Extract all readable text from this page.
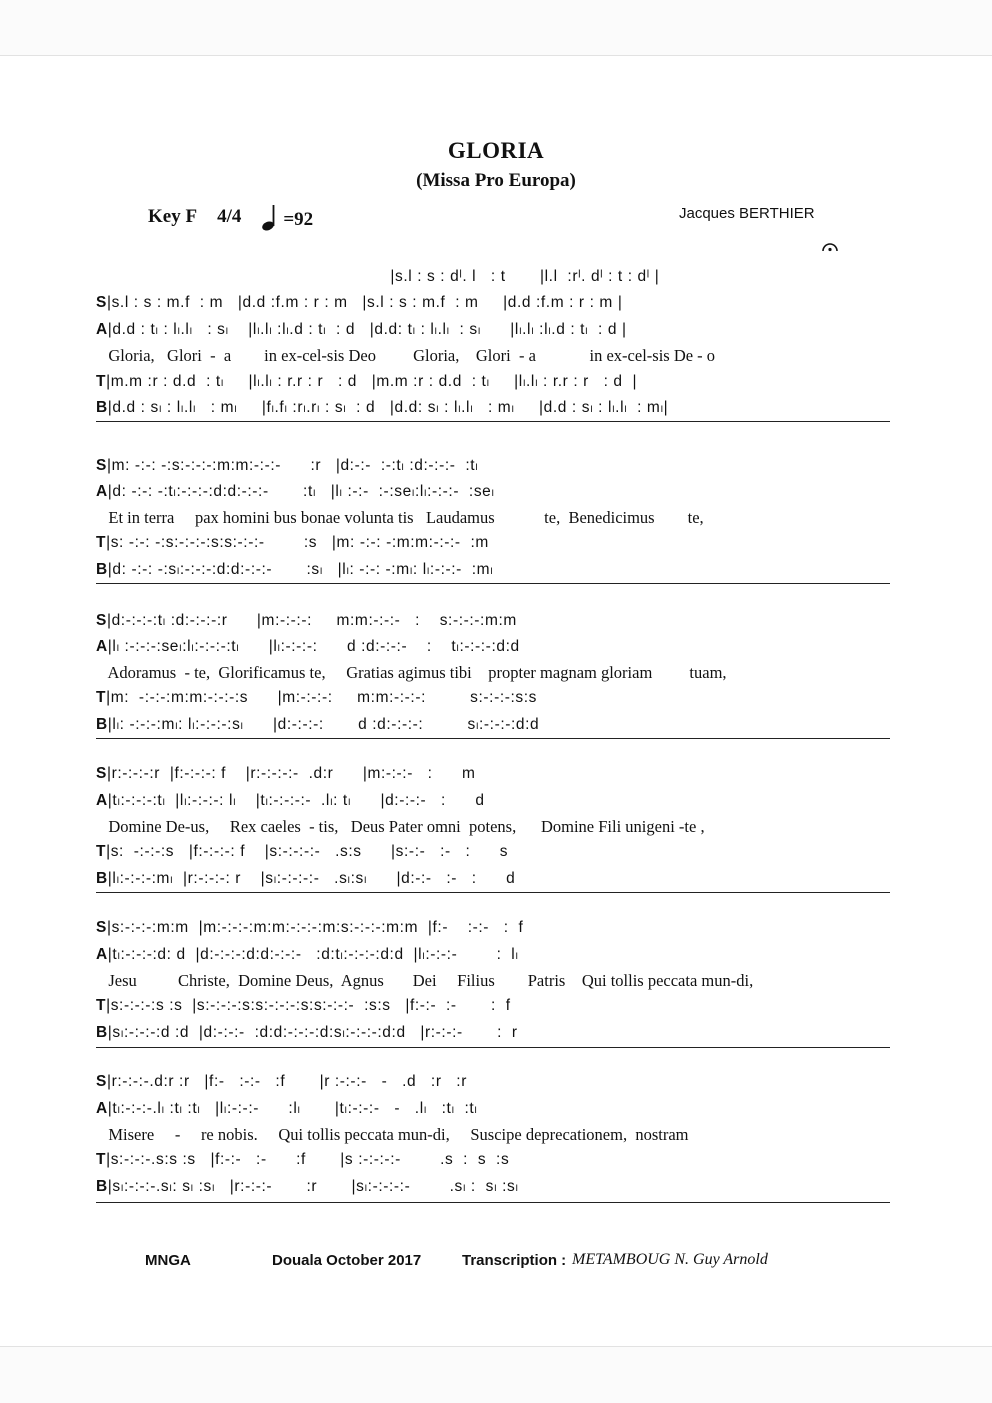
GLORIA
(Missa Pro Europa)
Key F 4/4 =92	Jacques BERTHIER
|s.l : s : dˡ. l   : t       |l.l  :rˡ. dˡ : t : dˡ |
S|s.l : s : m.f  : m   |d.d :f.m : r : m   |s.l : s : m.f  : m     |d.d :f.m : r : m |
A|d.d : tₗ : lₗ.lₗ   : sₗ    |lₗ.lₗ :lₗ.d : tₗ  : d   |d.d: tₗ : lₗ.lₗ  : sₗ      |lₗ.lₗ :lₗ.d : tₗ  : d |
Gloria,   Glori  -  a        in ex-cel-sis Deo         Gloria,    Glori  - a             in ex-cel-sis De - o
T|m.m :r : d.d  : tₗ     |lₗ.lₗ : r.r : r   : d   |m.m :r : d.d  : tₗ     |lₗ.lₗ : r.r : r   : d  |
B|d.d : sₗ : lₗ.lₗ   : mₗ     |fₗ.fₗ :rₗ.rₗ : sₗ  : d   |d.d: sₗ : lₗ.lₗ   : mₗ     |d.d : sₗ : lₗ.lₗ  : mₗ|
S|m: -:-: -:s:-:-:-:m:m:-:-:-      :r   |d:-:-  :-:tₗ :d:-:-:-  :tₗ
A|d: -:-: -:tₗ:-:-:-:d:d:-:-:-       :tₗ   |lₗ :-:-  :-:seₗ:lₗ:-:-:-  :seₗ
Et in terra     pax homini bus bonae volunta tis   Laudamus            te,  Benedicimus        te,
T|s: -:-: -:s:-:-:-:s:s:-:-:-        :s   |m: -:-: -:m:m:-:-:-  :m
B|d: -:-: -:sₗ:-:-:-:d:d:-:-:-       :sₗ   |lₗ: -:-: -:mₗ: lₗ:-:-:-  :mₗ
S|d:-:-:-:tₗ :d:-:-:-:r      |m:-:-:-:     m:m:-:-:-   :    s:-:-:-:m:m
A|lₗ :-:-:-:seₗ:lₗ:-:-:-:tₗ      |lₗ:-:-:-:      d :d:-:-:-    :    tₗ:-:-:-:d:d
Adoramus  - te,  Glorificamus te,     Gratias agimus tibi    propter magnam gloriam         tuam,
T|m:  -:-:-:m:m:-:-:-:s      |m:-:-:-:     m:m:-:-:-:         s:-:-:-:s:s
B|lₗ: -:-:-:mₗ: lₗ:-:-:-:sₗ      |d:-:-:-:       d :d:-:-:-:         sₗ:-:-:-:d:d
S|r:-:-:-:r  |f:-:-:-: f    |r:-:-:-:-  .d:r      |m:-:-:-   :      m
A|tₗ:-:-:-:tₗ  |lₗ:-:-:-: lₗ    |tₗ:-:-:-:-  .lₗ: tₗ      |d:-:-:-   :      d
Domine De-us,     Rex caeles  - tis,   Deus Pater omni  potens,      Domine Fili unigeni -te ,
T|s:  -:-:-:s   |f:-:-:-: f    |s:-:-:-:-   .s:s      |s:-:-   :-   :      s
B|lₗ:-:-:-:mₗ  |r:-:-:-: r    |sₗ:-:-:-:-   .sₗ:sₗ      |d:-:-   :-   :      d
S|s:-:-:-:m:m  |m:-:-:-:m:m:-:-:-:m:s:-:-:-:m:m  |f:-    :-:-   :  f
A|tₗ:-:-:-:d: d  |d:-:-:-:d:d:-:-:-   :d:tₗ:-:-:-:d:d  |lₗ:-:-:-        :  lₗ
Jesu          Christe,  Domine Deus,  Agnus       Dei     Filius        Patris    Qui tollis peccata mun-di,
T|s:-:-:-:s :s  |s:-:-:-:s:s:-:-:-:s:s:-:-:-  :s:s   |f:-:-  :-       :  f
B|sₗ:-:-:-:d :d  |d:-:-:-  :d:d:-:-:-:d:sₗ:-:-:-:d:d   |r:-:-:-       :  r
S|r:-:-:-.d:r :r   |f:-   :-:-   :f       |r :-:-:-   -   .d   :r   :r
A|tₗ:-:-:-.lₗ :tₗ :tₗ   |lₗ:-:-:-      :lₗ       |tₗ:-:-:-   -   .lₗ   :tₗ  :tₗ
Misere     -     re nobis.     Qui tollis peccata mun-di,     Suscipe deprecationem,  nostram
T|s:-:-:-.s:s :s   |f:-:-   :-      :f       |s :-:-:-:-        .s  :  s  :s
B|sₗ:-:-:-.sₗ: sₗ :sₗ   |r:-:-:-       :r       |sₗ:-:-:-:-        .sₗ :  sₗ :sₗ
MNGA	Douala October 2017	Transcription : METAMBOUG N. Guy Arnold
